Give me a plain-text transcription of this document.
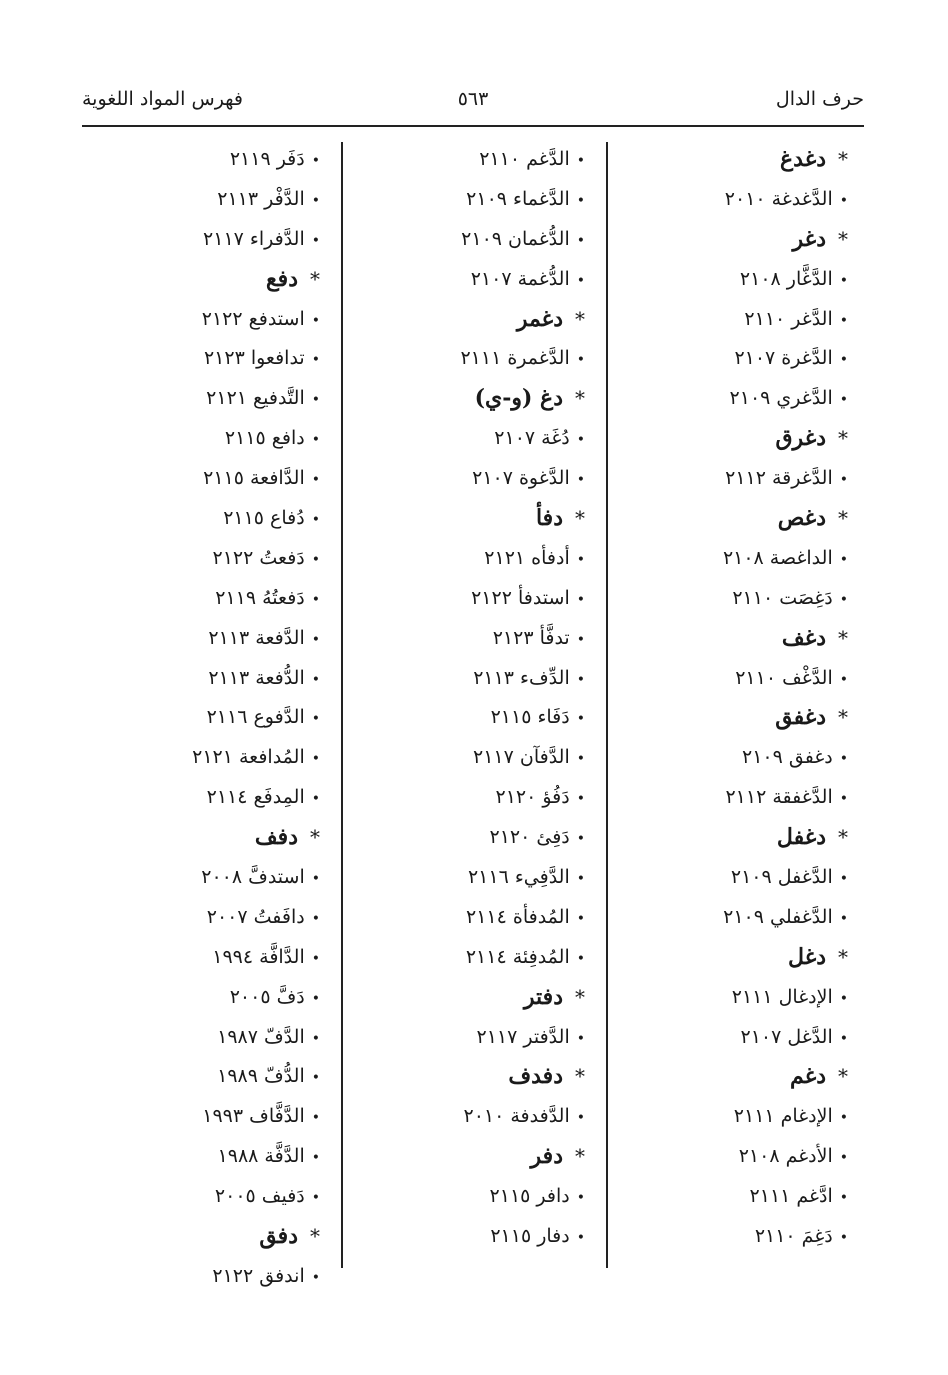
حرف الدال
٥٦٣
فهرس المواد اللغوية
*دغدغ
•الدَّغدغة ٢٠١٠
*دغر
•الدَّغَّار ٢١٠٨
•الدَّغر ٢١١٠
•الدَّغرة ٢١٠٧
•الدَّغري ٢١٠٩
*دغرق
•الدَّغرقة ٢١١٢
*دغص
•الداغصة ٢١٠٨
•دَغِصَت ٢١١٠
*دغف
•الدَّغْف ٢١١٠
*دغفق
•دغفق ٢١٠٩
•الدَّغفقة ٢١١٢
*دغفل
•الدَّغفل ٢١٠٩
•الدَّغفلي ٢١٠٩
*دغل
•الإدغال ٢١١١
•الدَّغل ٢١٠٧
*دغم
•الإدغام ٢١١١
•الأدغم ٢١٠٨
•ادَّغم ٢١١١
•دَغِمَ ٢١١٠
•الدَّغم ٢١١٠
•الدَّغماء ٢١٠٩
•الدُّغمان ٢١٠٩
•الدُّغمة ٢١٠٧
*دغمر
•الدَّغمرة ٢١١١
*دغ (و-ي)
•دُغَة ٢١٠٧
•الدَّغوة ٢١٠٧
*دفأ
•أدفأه ٢١٢١
•استدفأ ٢١٢٢
•تدفَّأ ٢١٢٣
•الدِّفء ٢١١٣
•دَفَاء ٢١١٥
•الدَّفآن ٢١١٧
•دَفُؤ ٢١٢٠
•دَفِئ ٢١٢٠
•الدَّفِيء ٢١١٦
•المُدفأة ٢١١٤
•المُدفِئة ٢١١٤
*دفتر
•الدَّفتر ٢١١٧
*دفدف
•الدَّفدفة ٢٠١٠
*دفر
•دافر ٢١١٥
•دفار ٢١١٥
•دَفَر ٢١١٩
•الدَّفْر ٢١١٣
•الدَّفراء ٢١١٧
*دفع
•استدفع ٢١٢٢
•تدافعوا ٢١٢٣
•التَّدفيع ٢١٢١
•دافع ٢١١٥
•الدَّافعة ٢١١٥
•دُفاع ٢١١٥
•دَفعتُ ٢١٢٢
•دَفعتُهُ ٢١١٩
•الدَّفعة ٢١١٣
•الدُّفعة ٢١١٣
•الدَّفوع ٢١١٦
•المُدافعة ٢١٢١
•المِدفَع ٢١١٤
*دفف
•استدفَّ ٢٠٠٨
•دافَفتُ ٢٠٠٧
•الدَّافَّة ١٩٩٤
•دَفَّ ٢٠٠٥
•الدَّفّ ١٩٨٧
•الدُّفّ ١٩٨٩
•الدَّفَّاف ١٩٩٣
•الدَّفَّة ١٩٨٨
•دَفيف ٢٠٠٥
*دفق
•اندفق ٢١٢٢
